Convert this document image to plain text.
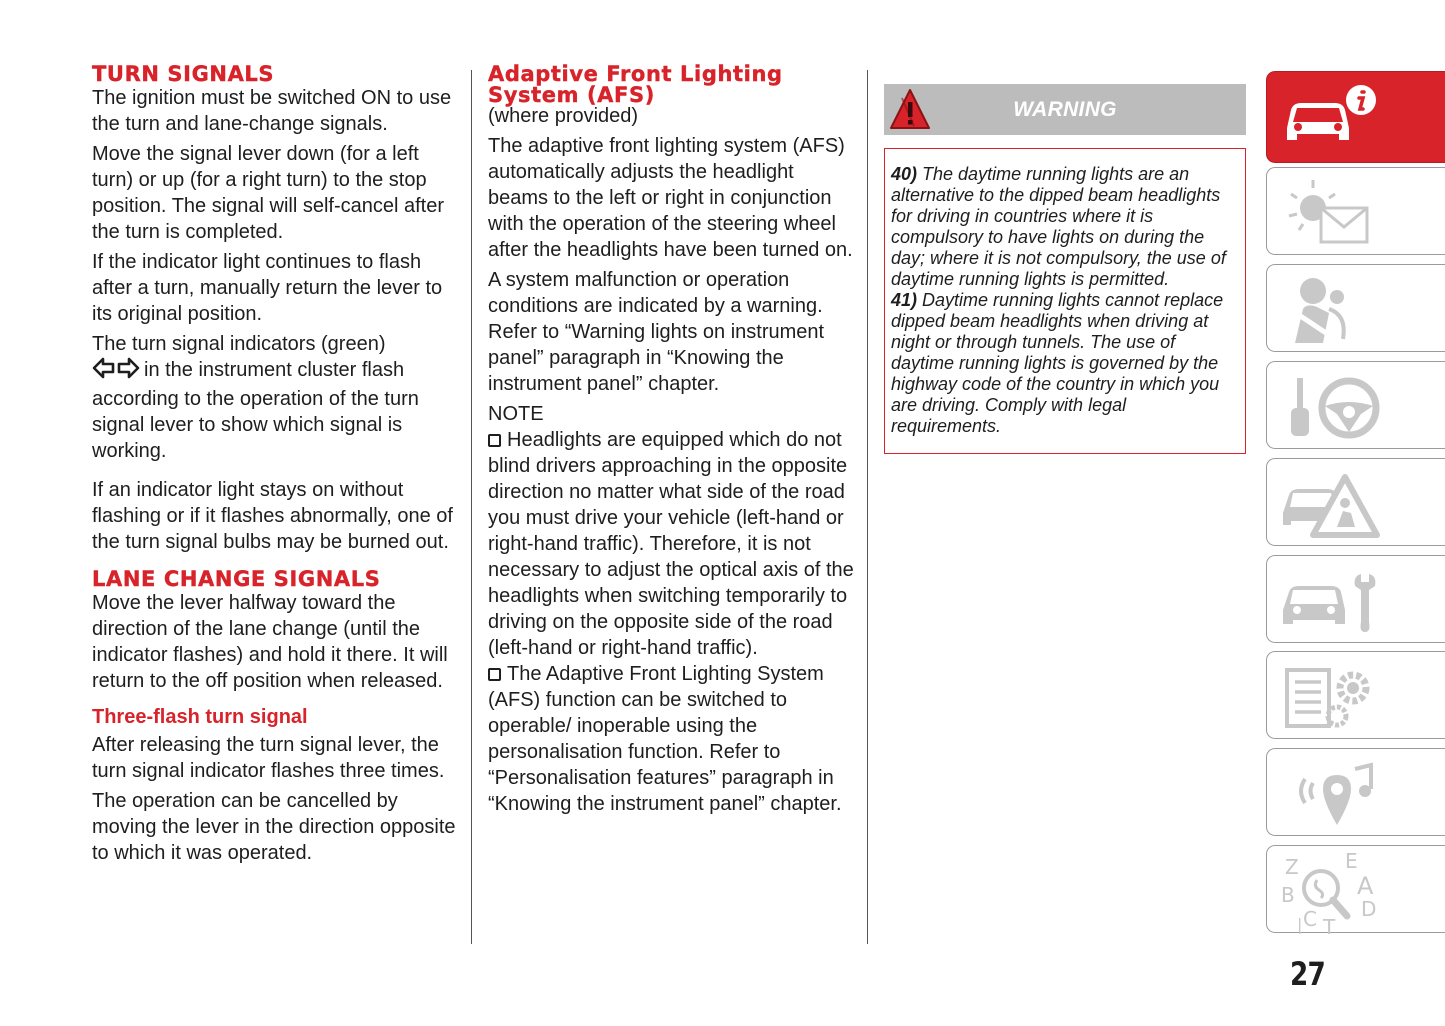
TURN SIGNALS

The ignition must be switched ON to use the turn and lane-change signals.

Move the signal lever down (for a left turn) or up (for a right turn) to the stop position. The signal will self-cancel after the turn is completed.

If the indicator light continues to flash after a turn, manually return the lever to its original position.

The turn signal indicators (green)
in the instrument cluster flash according to the operation of the turn signal lever to show which signal is working.

If an indicator light stays on without flashing or if it flashes abnormally, one of the turn signal bulbs may be burned out.

LANE CHANGE SIGNALS

Move the lever halfway toward the direction of the lane change (until the indicator flashes) and hold it there. It will return to the off position when released.

Three-flash turn signal

After releasing the turn signal lever, the turn signal indicator flashes three times.

The operation can be cancelled by moving the lever in the direction opposite to which it was operated.

Adaptive Front Lighting
System (AFS)

(where provided)

The adaptive front lighting system (AFS) automatically adjusts the headlight beams to the left or right in conjunction with the operation of the steering wheel after the headlights have been turned on.

A system malfunction or operation conditions are indicated by a warning. Refer to “Warning lights on instrument panel” paragraph in “Knowing the instrument panel” chapter.

NOTE

Headlights are equipped which do not blind drivers approaching in the opposite direction no matter what side of the road you must drive your vehicle (left-hand or right-hand traffic). Therefore, it is not necessary to adjust the optical axis of the headlights when switching temporarily to driving on the opposite side of the road (left-hand or right-hand traffic).

The Adaptive Front Lighting System (AFS) function can be switched to operable/ inoperable using the personalisation function. Refer to “Personalisation features” paragraph in “Knowing the instrument panel” chapter.

WARNING

40) The daytime running lights are an alternative to the dipped beam headlights for driving in countries where it is compulsory to have lights on during the day; where it is not compulsory, the use of daytime running lights is permitted.

41) Daytime running lights cannot replace dipped beam headlights when driving at night or through tunnels. The use of daytime running lights is governed by the highway code of the country in which you are driving. Comply with legal requirements.

Z E
A
B
C T
D
|
27
